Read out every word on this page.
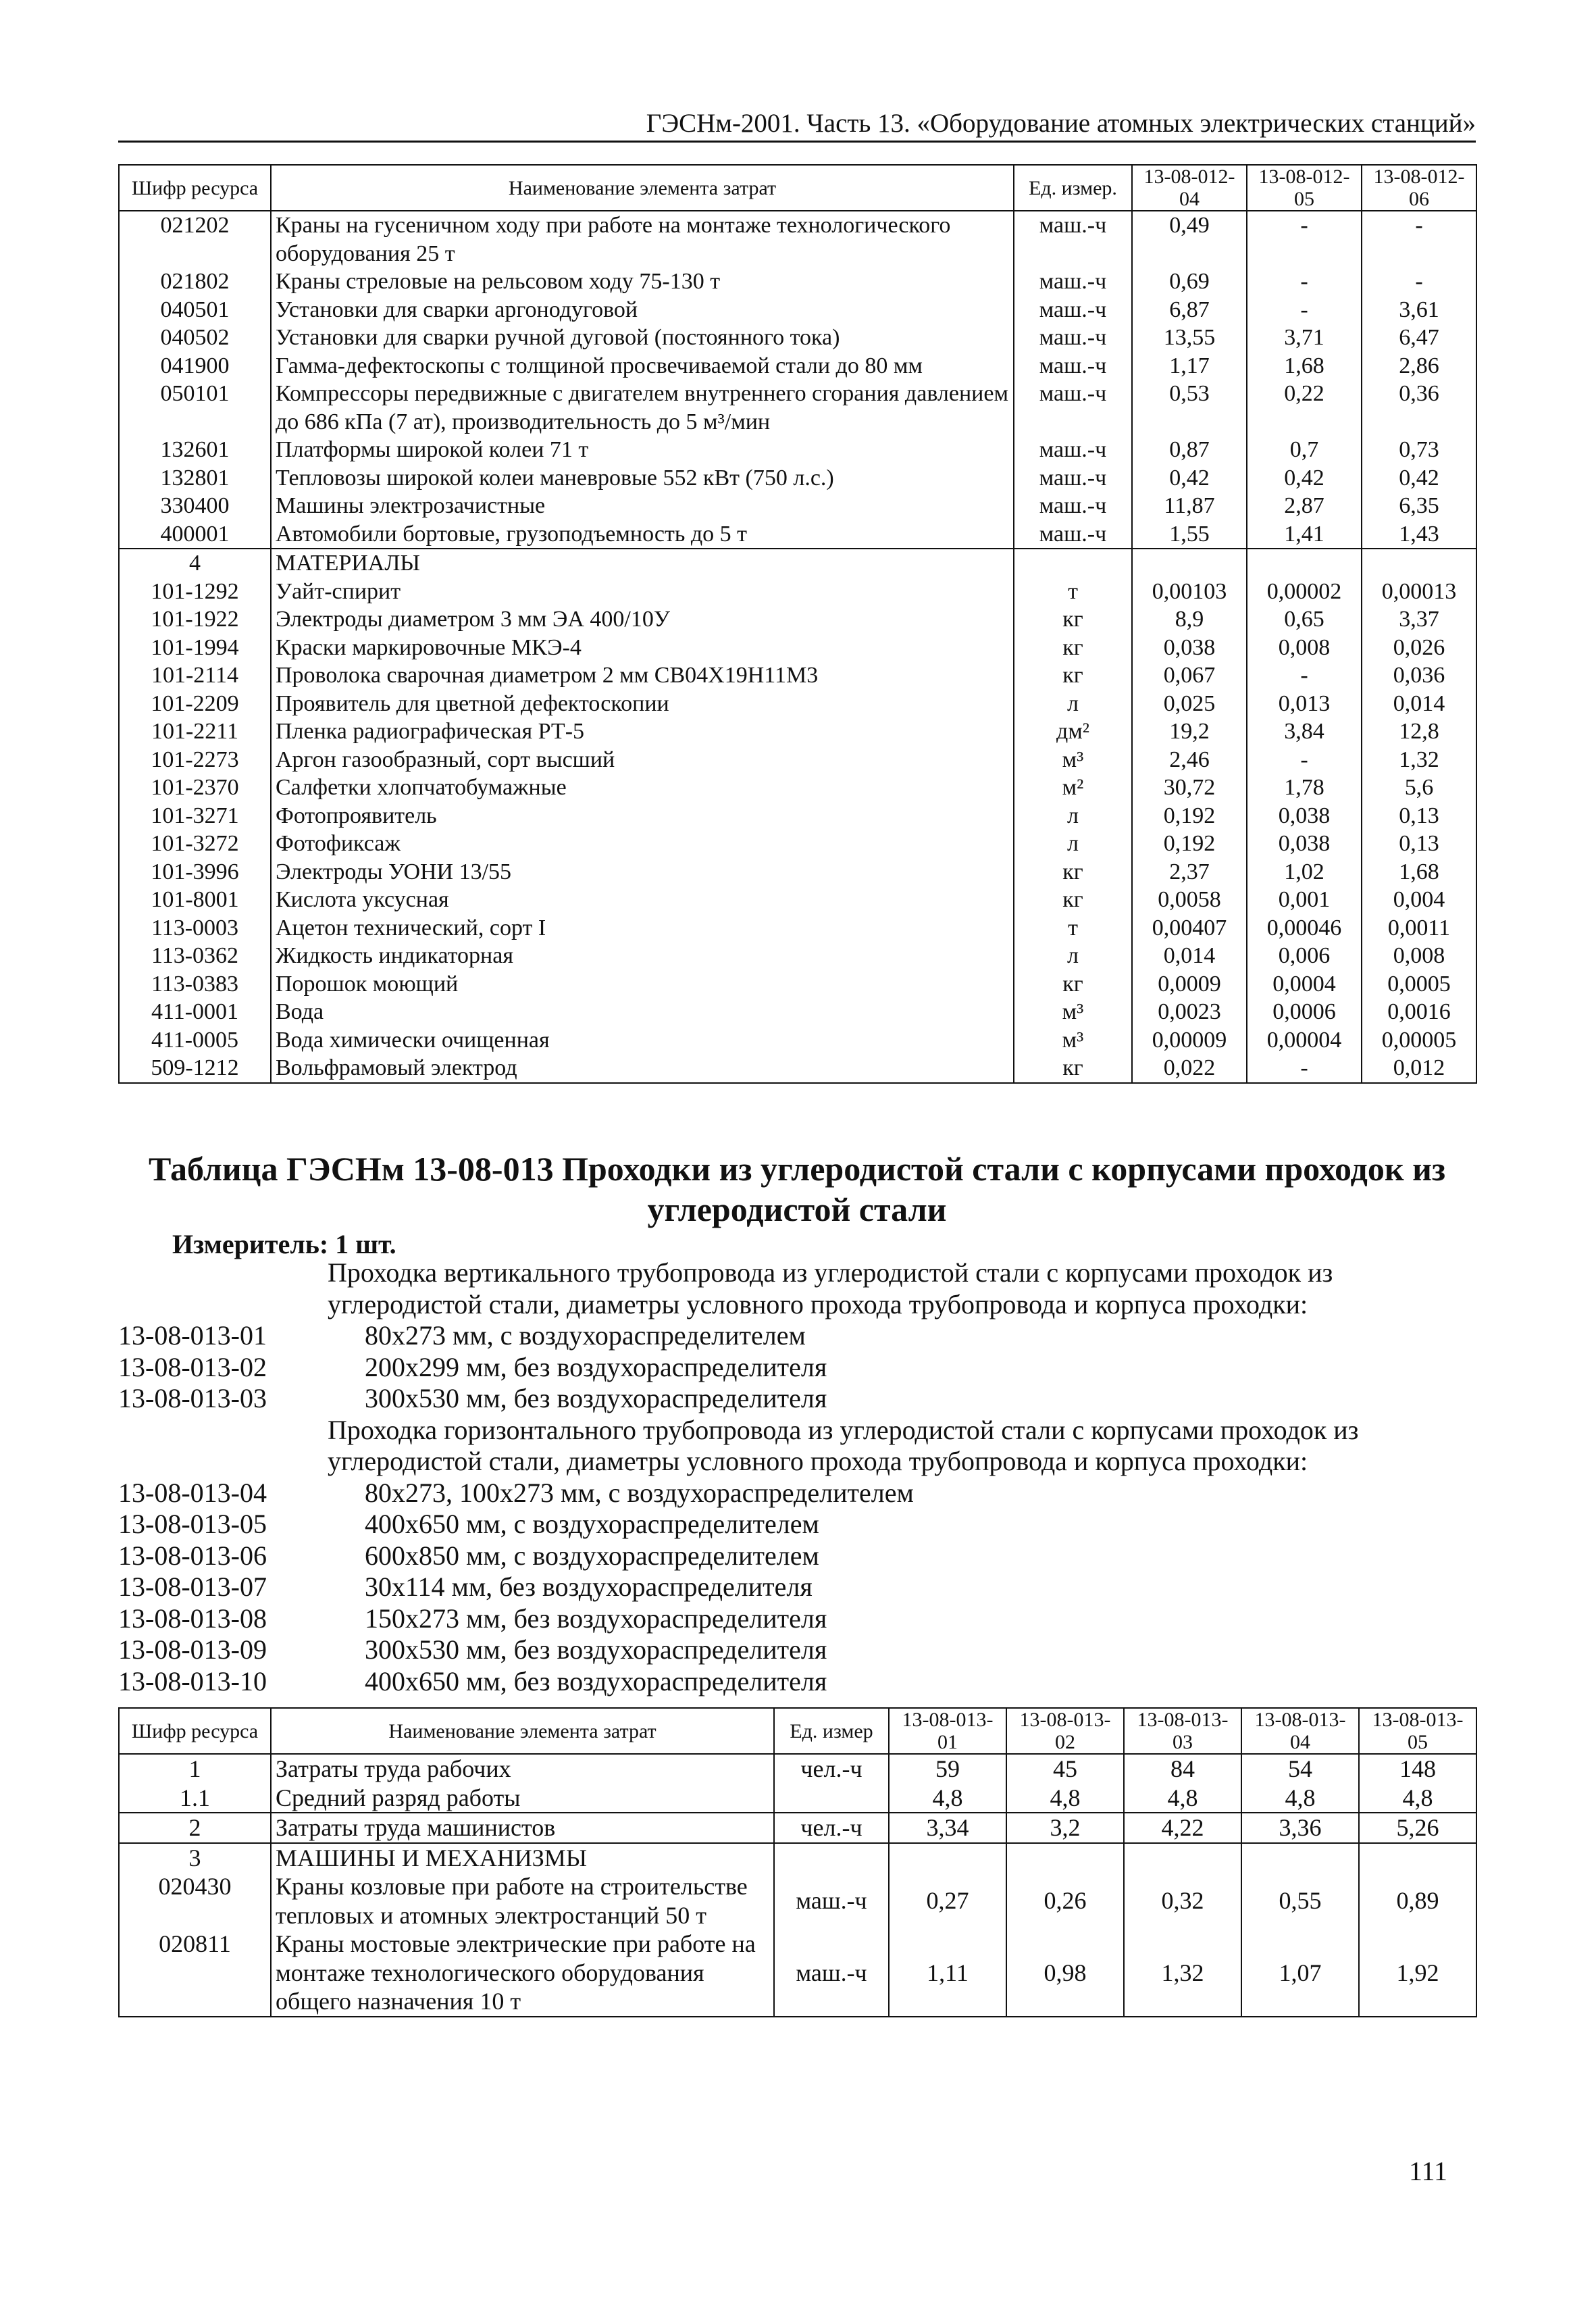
ГЭСНм-2001. Часть 13. «Оборудование атомных электрических станций»
Шифр ресурса	Наименование элемента затрат	Ед. измер.	13-08-012-04	13-08-012-05	13-08-012-06
021202	Краны на гусеничном ходу при работе на монтаже технологического оборудования 25 т	маш.-ч	0,49	-	-
021802	Краны стреловые на рельсовом ходу 75-130 т	маш.-ч	0,69	-	-
040501	Установки для сварки аргонодуговой	маш.-ч	6,87	-	3,61
040502	Установки для сварки ручной дуговой (постоянного тока)	маш.-ч	13,55	3,71	6,47
041900	Гамма-дефектоскопы с толщиной просвечиваемой стали до 80 мм	маш.-ч	1,17	1,68	2,86
050101	Компрессоры передвижные с двигателем внутреннего сгорания давлением до 686 кПа (7 ат), производительность до 5 м³/мин	маш.-ч	0,53	0,22	0,36
132601	Платформы широкой колеи 71 т	маш.-ч	0,87	0,7	0,73
132801	Тепловозы широкой колеи маневровые 552 кВт (750 л.с.)	маш.-ч	0,42	0,42	0,42
330400	Машины электрозачистные	маш.-ч	11,87	2,87	6,35
400001	Автомобили бортовые, грузоподъемность до 5 т	маш.-ч	1,55	1,41	1,43
4	МАТЕРИАЛЫ				
101-1292	Уайт-спирит	т	0,00103	0,00002	0,00013
101-1922	Электроды диаметром 3 мм ЭА 400/10У	кг	8,9	0,65	3,37
101-1994	Краски маркировочные МКЭ-4	кг	0,038	0,008	0,026
101-2114	Проволока сварочная диаметром 2 мм СВ04Х19Н11М3	кг	0,067	-	0,036
101-2209	Проявитель для цветной дефектоскопии	л	0,025	0,013	0,014
101-2211	Пленка радиографическая РТ-5	дм²	19,2	3,84	12,8
101-2273	Аргон газообразный, сорт высший	м³	2,46	-	1,32
101-2370	Салфетки хлопчатобумажные	м²	30,72	1,78	5,6
101-3271	Фотопроявитель	л	0,192	0,038	0,13
101-3272	Фотофиксаж	л	0,192	0,038	0,13
101-3996	Электроды УОНИ 13/55	кг	2,37	1,02	1,68
101-8001	Кислота уксусная	кг	0,0058	0,001	0,004
113-0003	Ацетон технический, сорт I	т	0,00407	0,00046	0,0011
113-0362	Жидкость индикаторная	л	0,014	0,006	0,008
113-0383	Порошок моющий	кг	0,0009	0,0004	0,0005
411-0001	Вода	м³	0,0023	0,0006	0,0016
411-0005	Вода химически очищенная	м³	0,00009	0,00004	0,00005
509-1212	Вольфрамовый электрод	кг	0,022	-	0,012
Таблица ГЭСНм 13-08-013 Проходки из углеродистой стали с корпусами проходок из углеродистой стали
Измеритель: 1 шт.
Проходка вертикального трубопровода из углеродистой стали с корпусами проходок из углеродистой стали, диаметры условного прохода трубопровода и корпуса проходки:
13-08-013-01	80x273 мм, с воздухораспределителем
13-08-013-02	200x299 мм, без воздухораспределителя
13-08-013-03	300x530 мм, без воздухораспределителя
Проходка горизонтального трубопровода из углеродистой стали с корпусами проходок из углеродистой стали, диаметры условного прохода трубопровода и корпуса проходки:
13-08-013-04	80x273, 100x273 мм, с воздухораспределителем
13-08-013-05	400x650 мм, с воздухораспределителем
13-08-013-06	600x850 мм, с воздухораспределителем
13-08-013-07	30x114 мм, без воздухораспределителя
13-08-013-08	150x273 мм, без воздухораспределителя
13-08-013-09	300x530 мм, без воздухораспределителя
13-08-013-10	400x650 мм, без воздухораспределителя
Шифр ресурса	Наименование элемента затрат	Ед. измер	13-08-013-01	13-08-013-02	13-08-013-03	13-08-013-04	13-08-013-05
1	Затраты труда рабочих	чел.-ч	59	45	84	54	148
1.1	Средний разряд работы		4,8	4,8	4,8	4,8	4,8
2	Затраты труда машинистов	чел.-ч	3,34	3,2	4,22	3,36	5,26
3	МАШИНЫ И МЕХАНИЗМЫ						
020430	Краны козловые при работе на строительстве тепловых и атомных электростанций 50 т	маш.-ч	0,27	0,26	0,32	0,55	0,89
020811	Краны мостовые электрические при работе на монтаже технологического оборудования общего назначения 10 т	маш.-ч	1,11	0,98	1,32	1,07	1,92
111
